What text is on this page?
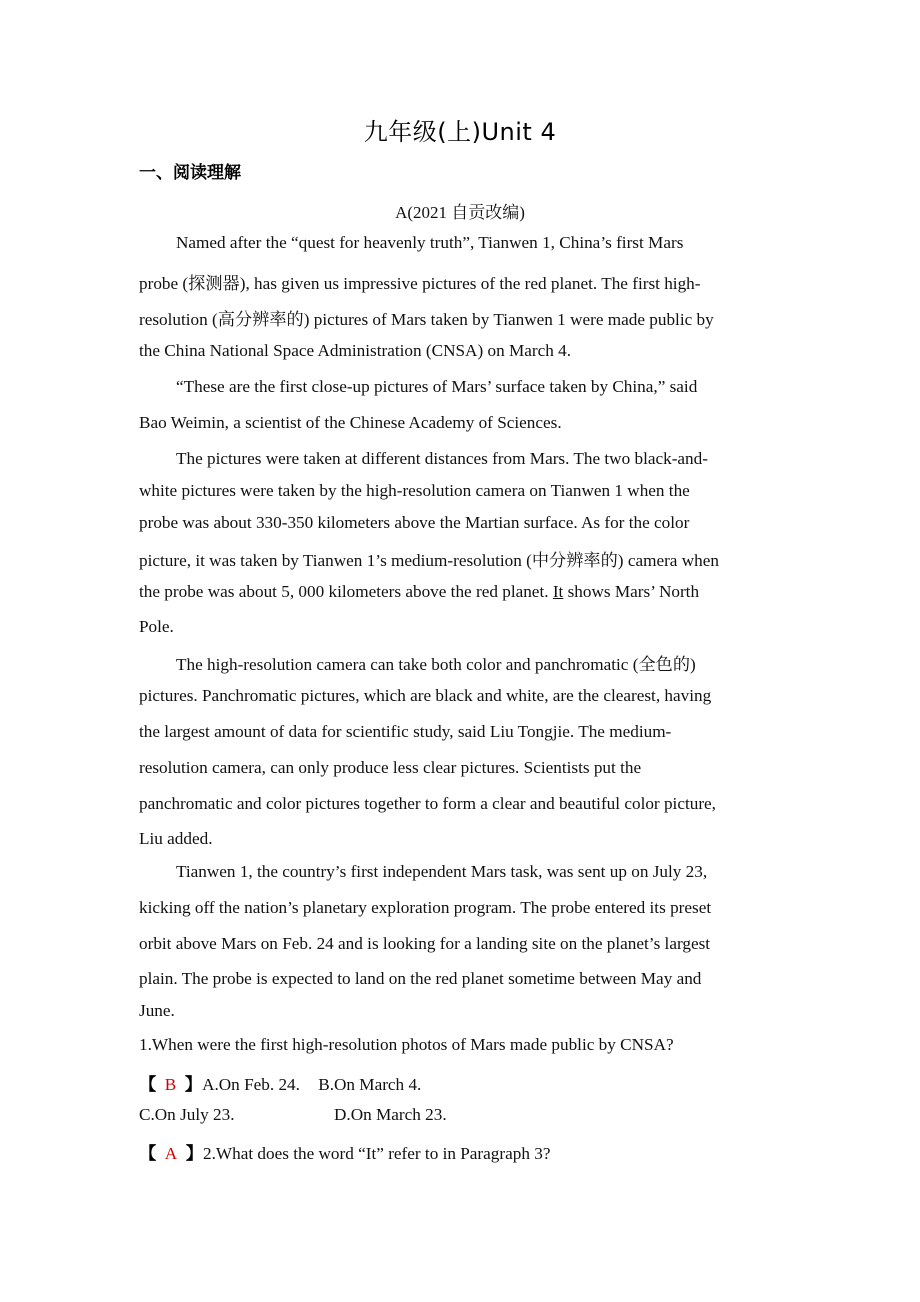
九年级(上)Unit 4
一、阅读理解
A(2021 自贡改编)
Named after the “quest for heavenly truth”, Tianwen 1, China’s first Mars
probe (探测器), has given us impressive pictures of the red planet. The first high-
resolution (高分辨率的) pictures of Mars taken by Tianwen 1 were made public by
the China National Space Administration (CNSA) on March 4.
“These are the first close-up pictures of Mars’ surface taken by China,” said
Bao Weimin, a scientist of the Chinese Academy of Sciences.
The pictures were taken at different distances from Mars. The two black-and-
white pictures were taken by the high-resolution camera on Tianwen 1 when the
probe was about 330-350 kilometers above the Martian surface. As for the color
picture, it was taken by Tianwen 1’s medium-resolution (中分辨率的) camera when
the probe was about 5, 000 kilometers above the red planet. It shows Mars’ North
Pole.
The high-resolution camera can take both color and panchromatic (全色的)
pictures. Panchromatic pictures, which are black and white, are the clearest, having
the largest amount of data for scientific study, said Liu Tongjie. The medium-
resolution camera, can only produce less clear pictures. Scientists put the
panchromatic and color pictures together to form a clear and beautiful color picture,
Liu added.
Tianwen 1, the country’s first independent Mars task, was sent up on July 23,
kicking off the nation’s planetary exploration program. The probe entered its preset
orbit above Mars on Feb. 24 and is looking for a landing site on the planet’s largest
plain. The probe is expected to land on the red planet sometime between May and
June.
1.When were the first high-resolution photos of Mars made public by CNSA?
【 B 】A.On Feb. 24. B.On March 4.
C.On July 23.	D.On March 23.
【 A 】2.What does the word “It” refer to in Paragraph 3?
